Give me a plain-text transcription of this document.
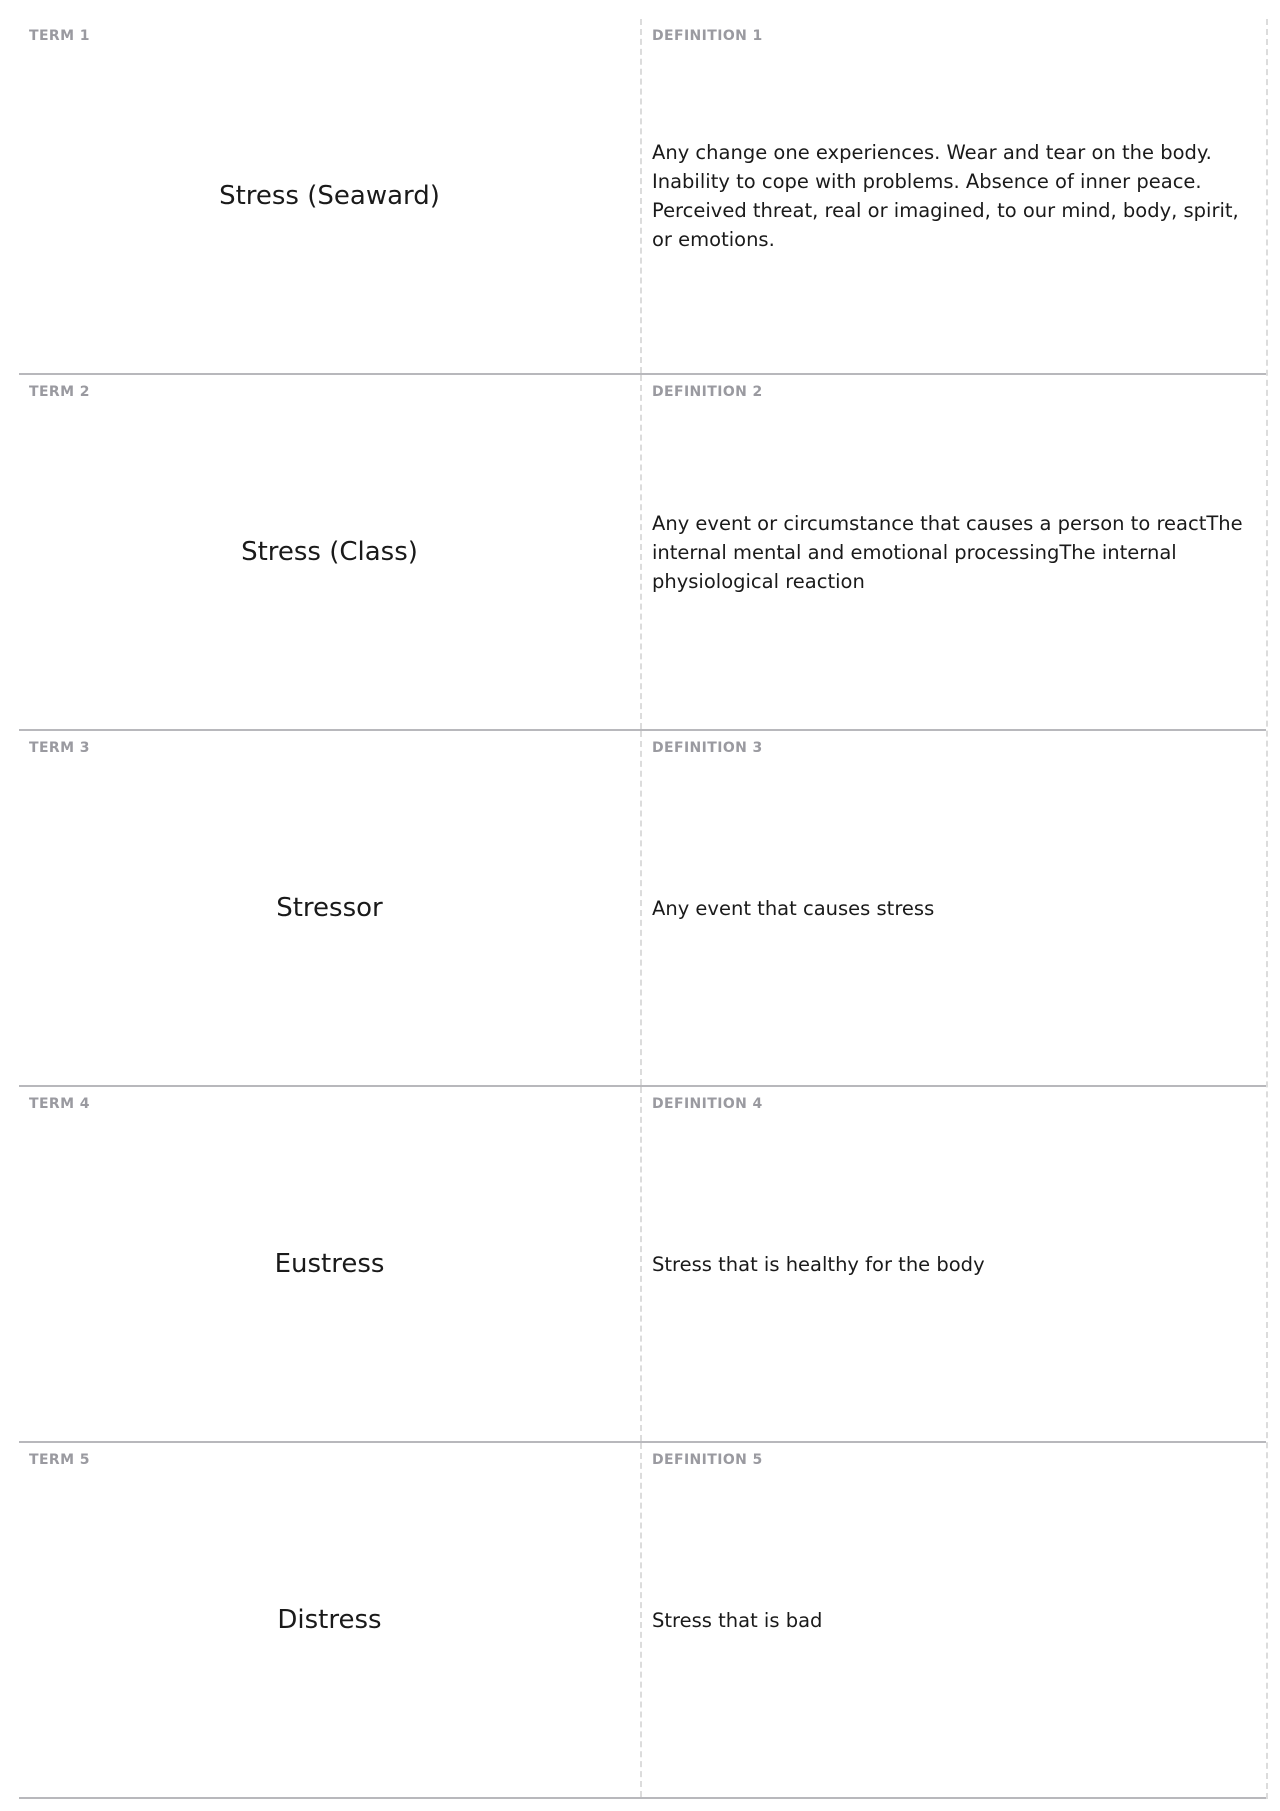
TERM 1
Stress (Seaward)
DEFINITION 1
Any change one experiences. Wear and tear on the body. Inability to cope with problems. Absence of inner peace. Perceived threat, real or imagined, to our mind, body, spirit, or emotions.
TERM 2
Stress (Class)
DEFINITION 2
Any event or circumstance that causes a person to reactThe internal mental and emotional processingThe internal physiological reaction
TERM 3
Stressor
DEFINITION 3
Any event that causes stress
TERM 4
Eustress
DEFINITION 4
Stress that is healthy for the body
TERM 5
Distress
DEFINITION 5
Stress that is bad
